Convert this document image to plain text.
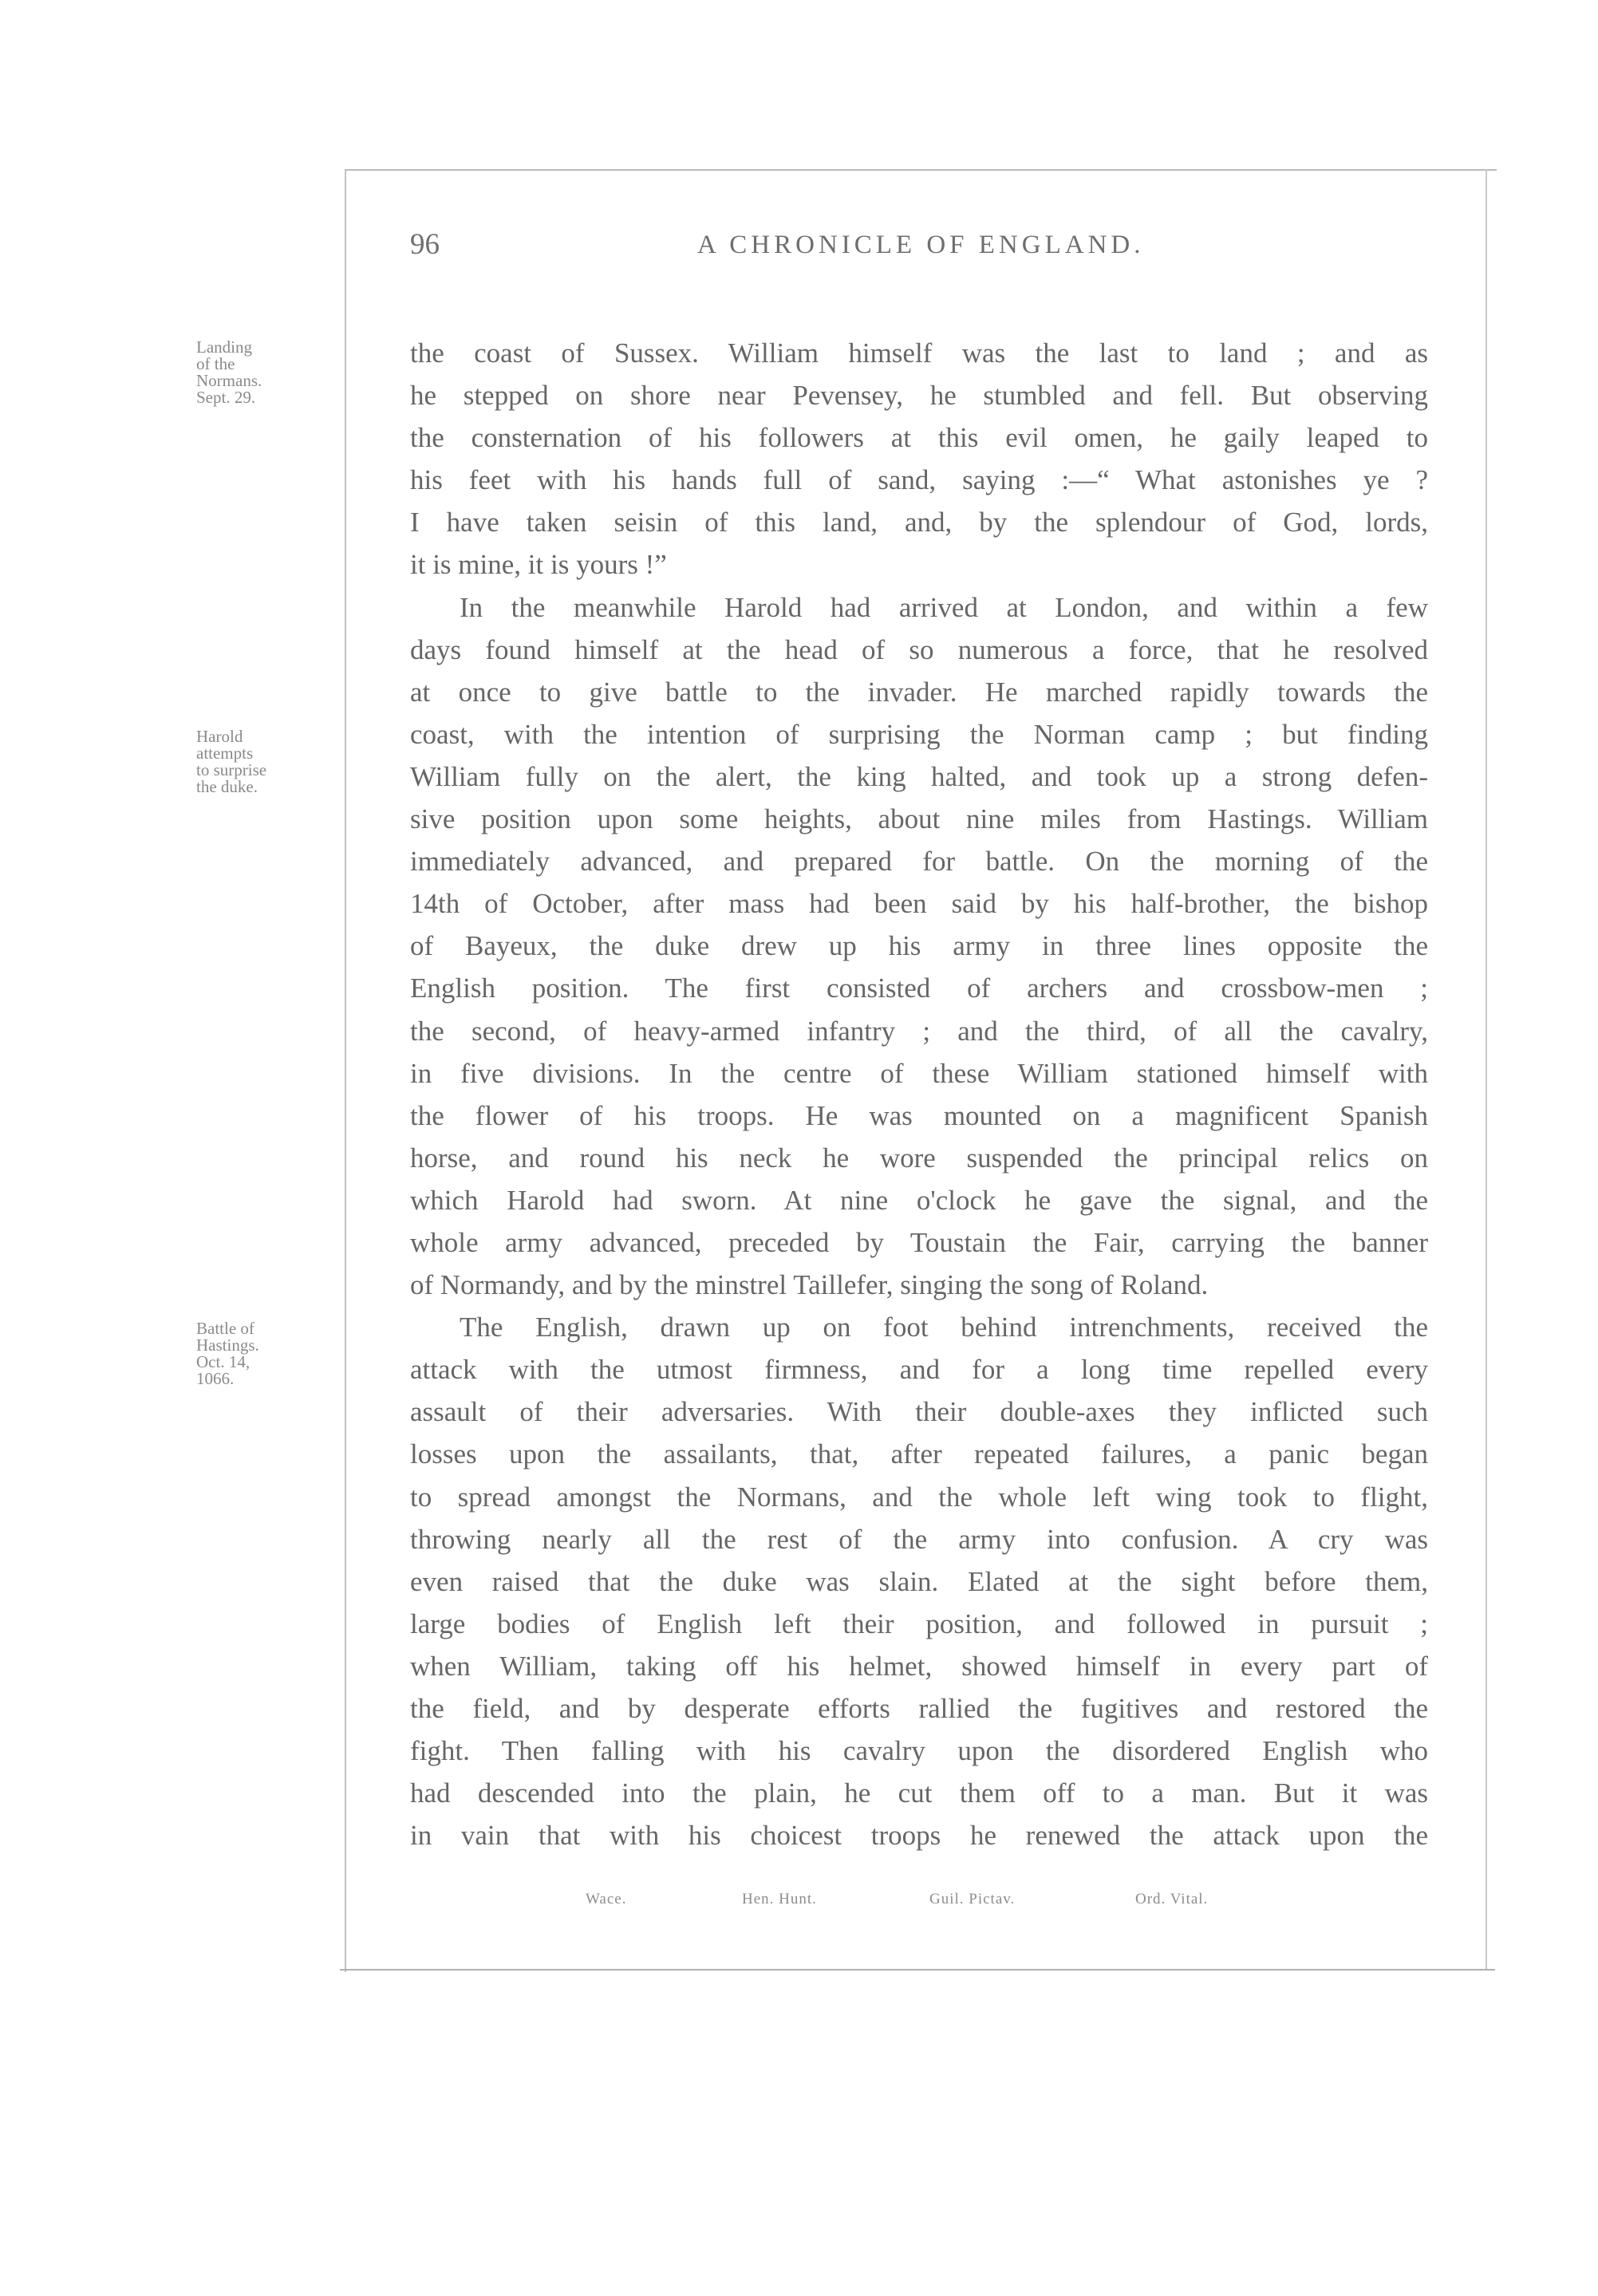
96	A CHRONICLE OF ENGLAND.
Landing
of the
Normans.
Sept. 29.
Harold
attempts
to surprise
the duke.
Battle of
Hastings.
Oct. 14,
1066.
the coast of Sussex. William himself was the last to land ; and as
he stepped on shore near Pevensey, he stumbled and fell. But observing
the consternation of his followers at this evil omen, he gaily leaped to
his feet with his hands full of sand, saying :—“ What astonishes ye ?
I have taken seisin of this land, and, by the splendour of God, lords,
it is mine, it is yours !”
In the meanwhile Harold had arrived at London, and within a few
days found himself at the head of so numerous a force, that he resolved
at once to give battle to the invader. He marched rapidly towards the
coast, with the intention of surprising the Norman camp ; but finding
William fully on the alert, the king halted, and took up a strong defen-
sive position upon some heights, about nine miles from Hastings. William
immediately advanced, and prepared for battle. On the morning of the
14th of October, after mass had been said by his half-brother, the bishop
of Bayeux, the duke drew up his army in three lines opposite the
English position. The first consisted of archers and crossbow-men ;
the second, of heavy-armed infantry ; and the third, of all the cavalry,
in five divisions. In the centre of these William stationed himself with
the flower of his troops. He was mounted on a magnificent Spanish
horse, and round his neck he wore suspended the principal relics on
which Harold had sworn. At nine o'clock he gave the signal, and the
whole army advanced, preceded by Toustain the Fair, carrying the banner
of Normandy, and by the minstrel Taillefer, singing the song of Roland.
The English, drawn up on foot behind intrenchments, received the
attack with the utmost firmness, and for a long time repelled every
assault of their adversaries. With their double-axes they inflicted such
losses upon the assailants, that, after repeated failures, a panic began
to spread amongst the Normans, and the whole left wing took to flight,
throwing nearly all the rest of the army into confusion. A cry was
even raised that the duke was slain. Elated at the sight before them,
large bodies of English left their position, and followed in pursuit ;
when William, taking off his helmet, showed himself in every part of
the field, and by desperate efforts rallied the fugitives and restored the
fight. Then falling with his cavalry upon the disordered English who
had descended into the plain, he cut them off to a man. But it was
in vain that with his choicest troops he renewed the attack upon the
Wace.	Hen. Hunt.	Guil. Pictav.	Ord. Vital.
